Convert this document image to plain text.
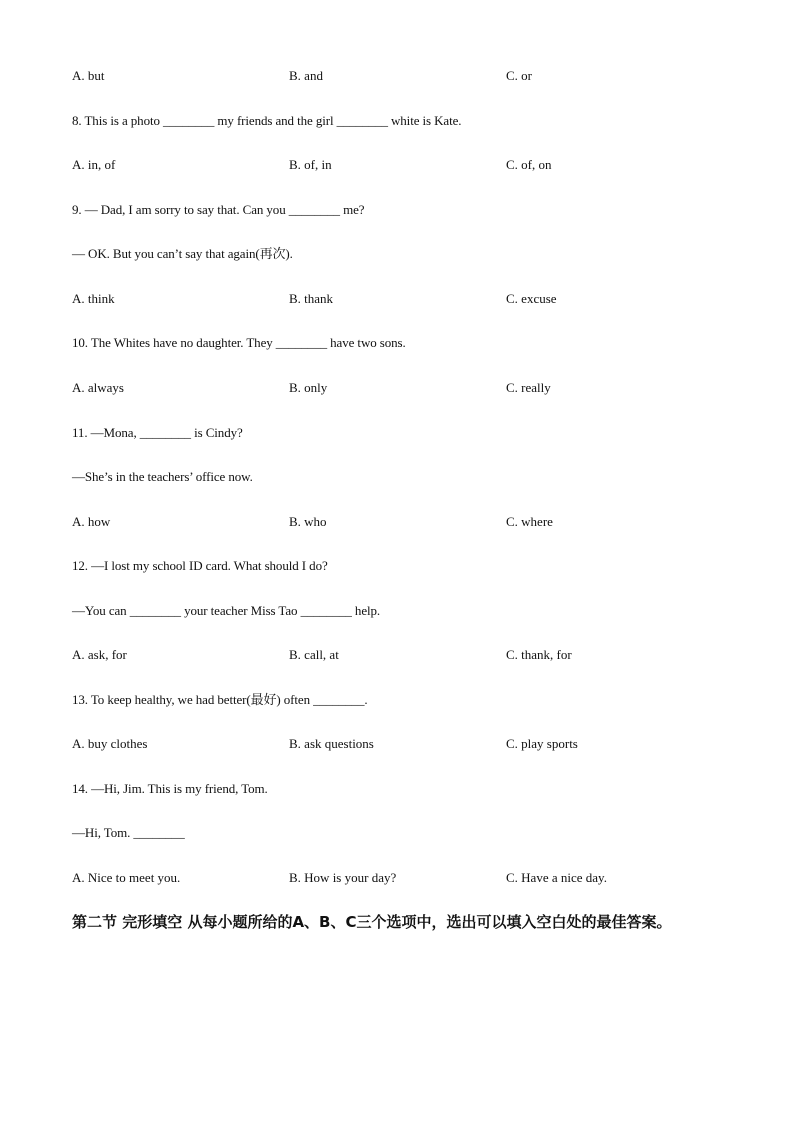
A. but	B. and	C. or
8. This is a photo ________ my friends and the girl ________ white is Kate.
A. in, of	B. of, in	C. of, on
9. — Dad, I am sorry to say that. Can you ________ me?
— OK. But you can’t say that again(再次).
A. think	B. thank	C. excuse
10. The Whites have no daughter. They ________ have two sons.
A. always	B. only	C. really
11. —Mona, ________ is Cindy?
—She’s in the teachers’ office now.
A. how	B. who	C. where
12. —I lost my school ID card. What should I do?
—You can ________ your teacher Miss Tao ________ help.
A. ask, for	B. call, at	C. thank, for
13. To keep healthy, we had better(最好) often ________.
A. buy clothes	B. ask questions	C. play sports
14. —Hi, Jim. This is my friend, Tom.
—Hi, Tom. ________
A. Nice to meet you.	B. How is your day?	C. Have a nice day.
第二节 完形填空 从每小题所给的A、B、C三个选项中，选出可以填入空白处的最佳答案。
